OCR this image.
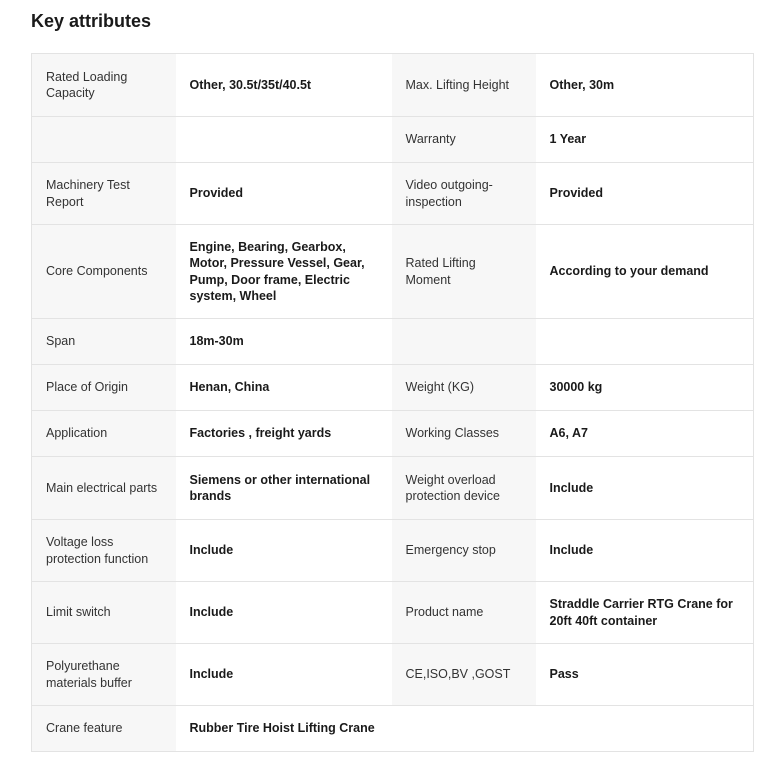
Key attributes
Rated Loading Capacity	Other, 30.5t/35t/40.5t	Max. Lifting Height	Other, 30m
		Warranty	1 Year
Machinery Test Report	Provided	Video outgoing-inspection	Provided
Core Components	Engine, Bearing, Gearbox, Motor, Pressure Vessel, Gear, Pump, Door frame, Electric system, Wheel	Rated Lifting Moment	According to your demand
Span	18m-30m		
Place of Origin	Henan, China	Weight (KG)	30000 kg
Application	Factories , freight yards	Working Classes	A6, A7
Main electrical parts	Siemens or other international brands	Weight overload protection device	Include
Voltage loss protection function	Include	Emergency stop	Include
Limit switch	Include	Product name	Straddle Carrier RTG Crane for 20ft 40ft container
Polyurethane materials buffer	Include	CE,ISO,BV ,GOST	Pass
Crane feature	Rubber Tire Hoist Lifting Crane		
